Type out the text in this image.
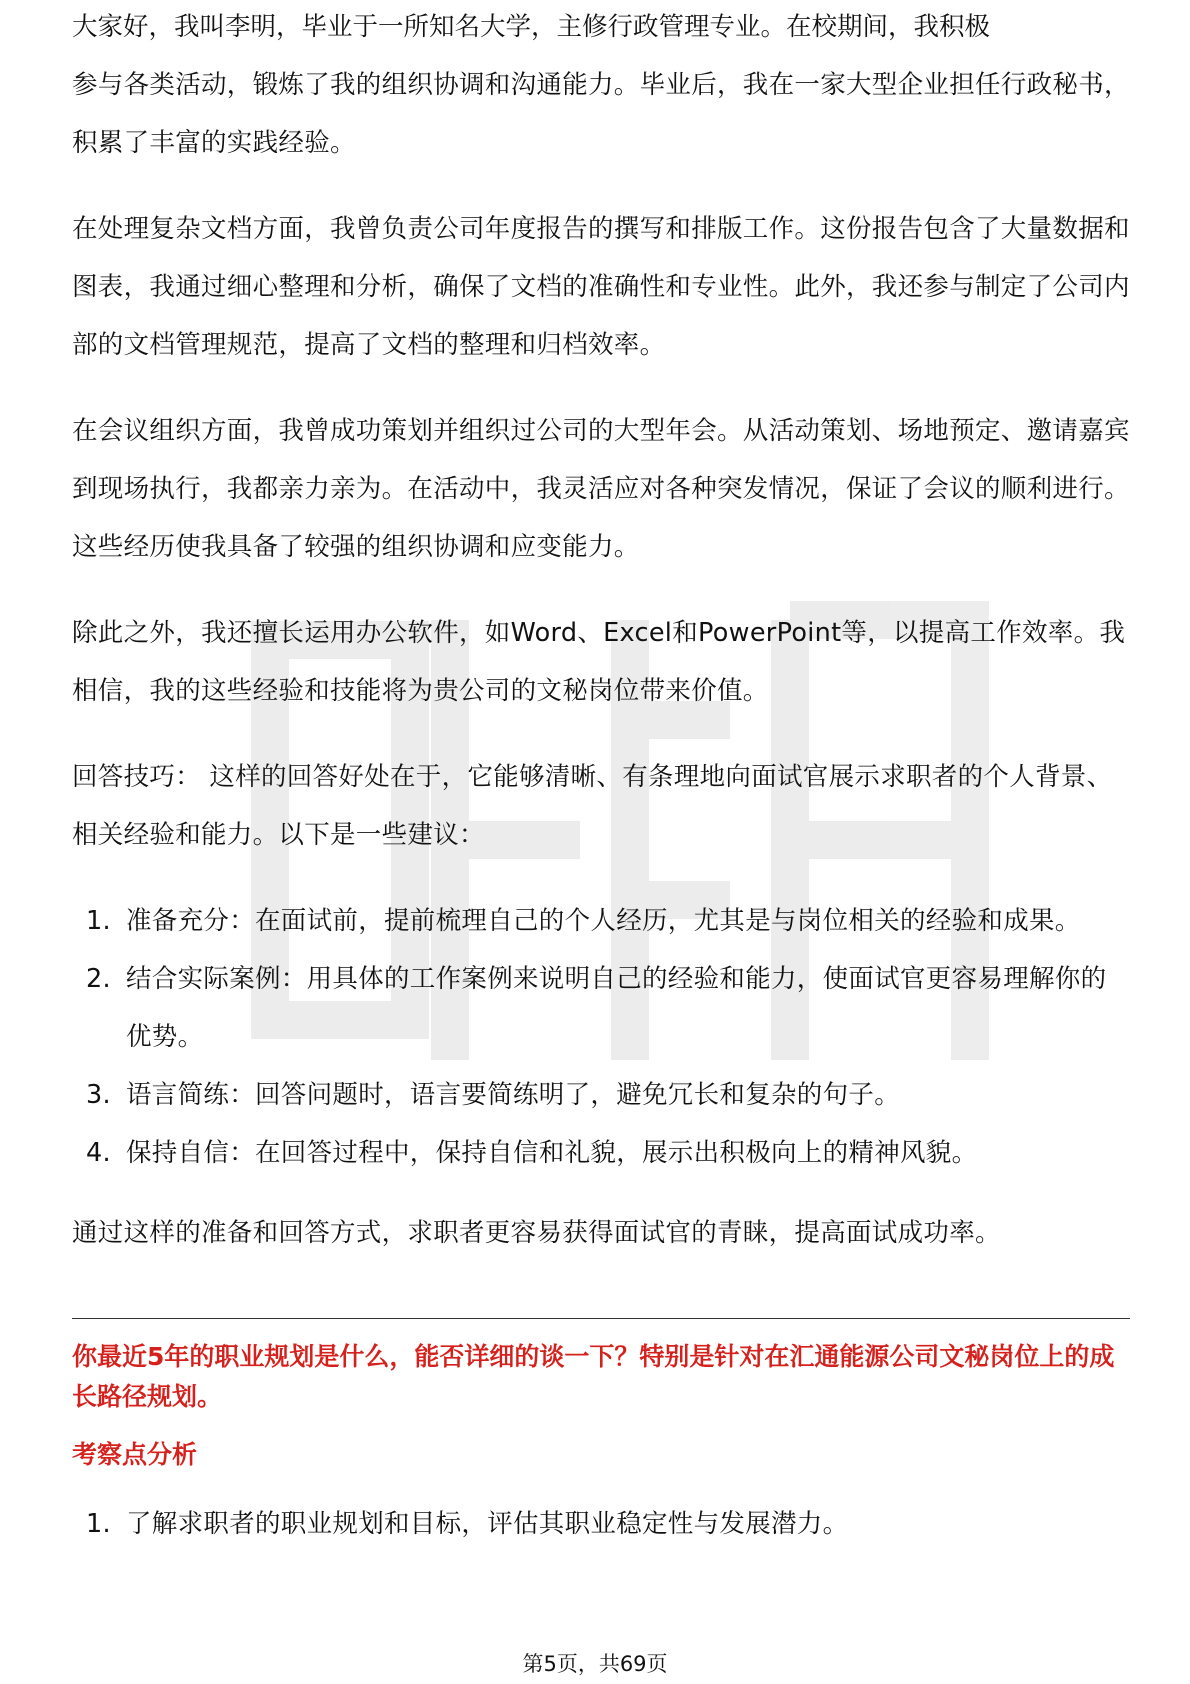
大家好，我叫李明，毕业于一所知名大学，主修行政管理专业。在校期间，我积极

参与各类活动，锻炼了我的组织协调和沟通能力。毕业后，我在一家大型企业担任行政秘书，积累了丰富的实践经验。

在处理复杂文档方面，我曾负责公司年度报告的撰写和排版工作。这份报告包含了大量数据和图表，我通过细心整理和分析，确保了文档的准确性和专业性。此外，我还参与制定了公司内部的文档管理规范，提高了文档的整理和归档效率。

在会议组织方面，我曾成功策划并组织过公司的大型年会。从活动策划、场地预定、邀请嘉宾到现场执行，我都亲力亲为。在活动中，我灵活应对各种突发情况，保证了会议的顺利进行。这些经历使我具备了较强的组织协调和应变能力。

除此之外，我还擅长运用办公软件，如Word、Excel和PowerPoint等，以提高工作效率。我相信，我的这些经验和技能将为贵公司的文秘岗位带来价值。

回答技巧： 这样的回答好处在于，它能够清晰、有条理地向面试官展示求职者的个人背景、相关经验和能力。以下是一些建议：

1. 准备充分：在面试前，提前梳理自己的个人经历，尤其是与岗位相关的经验和成果。
2. 结合实际案例：用具体的工作案例来说明自己的经验和能力，使面试官更容易理解你的优势。
3. 语言简练：回答问题时，语言要简练明了，避免冗长和复杂的句子。
4. 保持自信：在回答过程中，保持自信和礼貌，展示出积极向上的精神风貌。

通过这样的准备和回答方式，求职者更容易获得面试官的青睐，提高面试成功率。

你最近5年的职业规划是什么，能否详细的谈一下？特别是针对在汇通能源公司文秘岗位上的成长路径规划。

考察点分析

1. 了解求职者的职业规划和目标，评估其职业稳定性与发展潜力。
第5页，共69页
